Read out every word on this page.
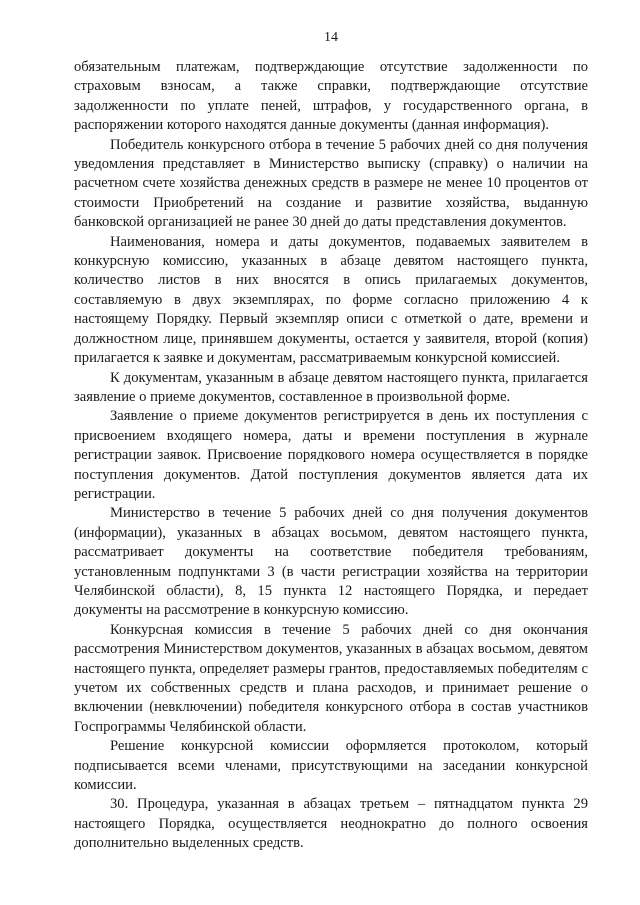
14

обязательным платежам, подтверждающие отсутствие задолженности по страховым взносам, а также справки, подтверждающие отсутствие задолженности по уплате пеней, штрафов, у государственного органа, в распоряжении которого находятся данные документы (данная информация).

Победитель конкурсного отбора в течение 5 рабочих дней со дня получения уведомления представляет в Министерство выписку (справку) о наличии на расчетном счете хозяйства денежных средств в размере не менее 10 процентов от стоимости Приобретений на создание и развитие хозяйства, выданную банковской организацией не ранее 30 дней до даты представления документов.

Наименования, номера и даты документов, подаваемых заявителем в конкурсную комиссию, указанных в абзаце девятом настоящего пункта, количество листов в них вносятся в опись прилагаемых документов, составляемую в двух экземплярах, по форме согласно приложению 4 к настоящему Порядку. Первый экземпляр описи с отметкой о дате, времени и должностном лице, принявшем документы, остается у заявителя, второй (копия) прилагается к заявке и документам, рассматриваемым конкурсной комиссией.

К документам, указанным в абзаце девятом настоящего пункта, прилагается заявление о приеме документов, составленное в произвольной форме.

Заявление о приеме документов регистрируется в день их поступления с присвоением входящего номера, даты и времени поступления в журнале регистрации заявок. Присвоение порядкового номера осуществляется в порядке поступления документов. Датой поступления документов является дата их регистрации.

Министерство в течение 5 рабочих дней со дня получения документов (информации), указанных в абзацах восьмом, девятом настоящего пункта, рассматривает документы на соответствие победителя требованиям, установленным подпунктами 3 (в части регистрации хозяйства на территории Челябинской области), 8, 15 пункта 12 настоящего Порядка, и передает документы на рассмотрение в конкурсную комиссию.

Конкурсная комиссия в течение 5 рабочих дней со дня окончания рассмотрения Министерством документов, указанных в абзацах восьмом, девятом настоящего пункта, определяет размеры грантов, предоставляемых победителям с учетом их собственных средств и плана расходов, и принимает решение о включении (невключении) победителя конкурсного отбора в состав участников Госпрограммы Челябинской области.

Решение конкурсной комиссии оформляется протоколом, который подписывается всеми членами, присутствующими на заседании конкурсной комиссии.

30. Процедура, указанная в абзацах третьем – пятнадцатом пункта 29 настоящего Порядка, осуществляется неоднократно до полного освоения дополнительно выделенных средств.
